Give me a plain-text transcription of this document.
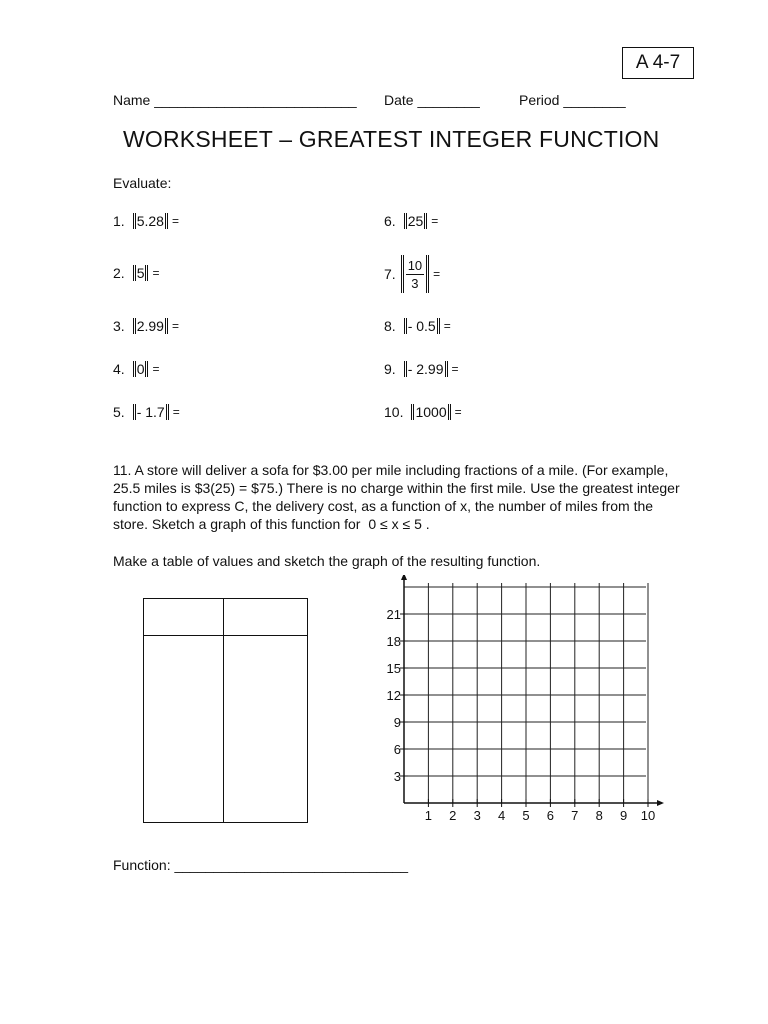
A 4-7
Name __________________________ Date ________	Period ________
WORKSHEET – GREATEST INTEGER FUNCTION
Evaluate:
1. 5.28 =
2. 5 =
3. 2.99 =
4. 0 =
5. - 1.7 =
6. 25 =
7. $\frac{10}{3}$ =
8. - 0.5 =
9. - 2.99 =
10. 1000 =
11. A store will deliver a sofa for $3.00 per mile including fractions of a mile. (For example, 25.5 miles is $3(25) = $75.) There is no charge within the first mile. Use the greatest integer function to express C, the delivery cost, as a function of x, the number of miles from the store. Sketch a graph of this function for 0 ≤ x ≤ 5 .
Make a table of values and sketch the graph of the resulting function.
1 2 3 4 5 6 7 8 9 10
3
6
9
12
15
18
21
Function: ______________________________
